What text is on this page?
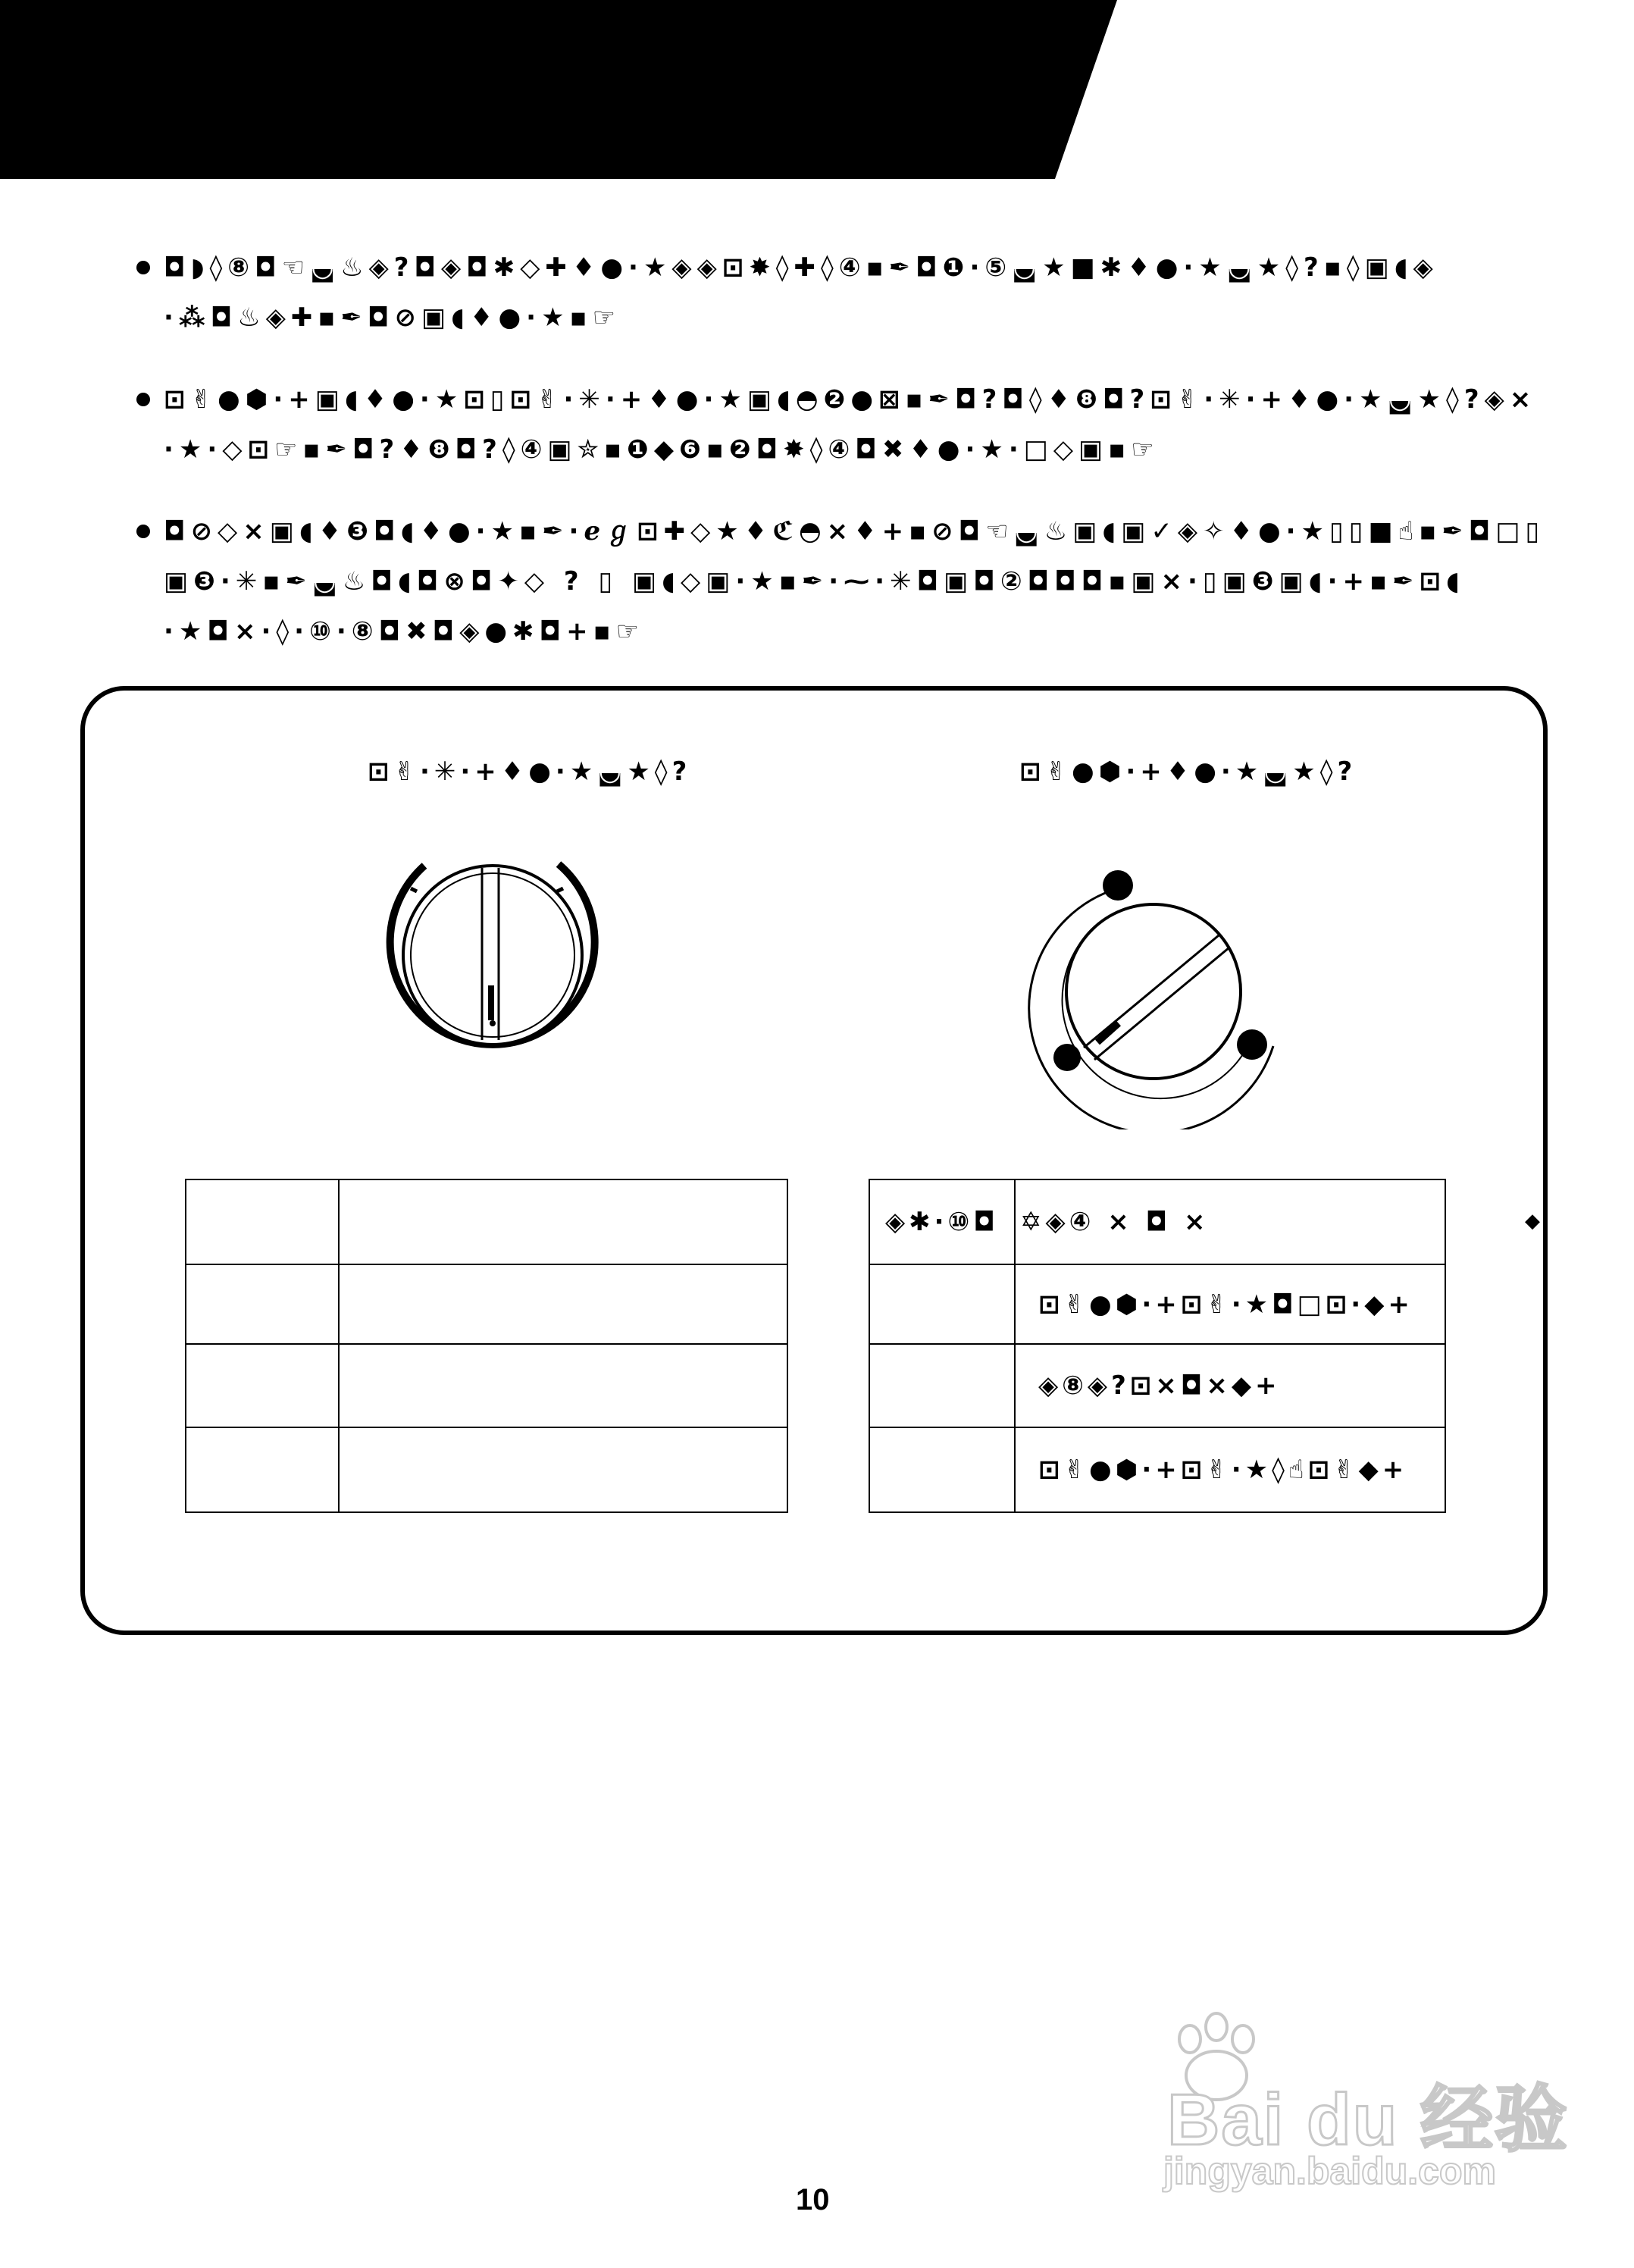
◘◗◊⑧◘☜◛♨◈?◘◈◘✱◇✚♦●·★◈◈⊡✸◊✚◊④▪✒◘❶·⑤◛★■✱♦●·★◛★◊?▪◊▣◖◈
·⁂◘♨◈✚▪✒◘⊘▣◖♦●·★▪☞
⊡✌●⬢·+▣◖♦●·★⊡▯⊡✌·✳·+♦●·★▣◖◓❷●⊠▪✒◘?◘◊♦❽◘?⊡✌·✳·+♦●·★◛★◊?◈×
·★·◇⊡☞▪✒◘?♦❽◘?◊④▣✮▪❶◆❻▪❷◘✸◊④◘✖♦●·★·□◇▣▪☞
◘⊘◇×▣◖♦❸◘◖♦●·★▪✒·ℯℊ⊡✚◇★♦ℭ◓×♦+▪⊘◘☜◛♨▣◖▣✓◈✧♦●·★▯▯■☝▪✒◘□▯
▣❸·✳▪✒◛♨◘◖◘⊗◘✦◇ ? ▯ ▣◖◇▣·★▪✒·⁓·✳◘▣◘②◘◘◘▪▣×·▯▣❸▣◖·+▪✒⊡◖
·★◘×·◊·⑩·⑧◘✖◘◈●✱◘+▪☞
⊡✌·✳·+♦●·★◛★◊?	⊡✌●⬢·+♦●·★◛★◊?

◈✱·⑩◘	✡◈④ × ◘ ×
	⊡✌●⬢·+⊡✌·★◘□⊡·◆+
	◈⑧◈?⊡×◘×◆+
	⊡✌●⬢·+⊡✌·★◊☝⊡✌◆+
◆
Bai du 经验
jingyan.baidu.com
10
